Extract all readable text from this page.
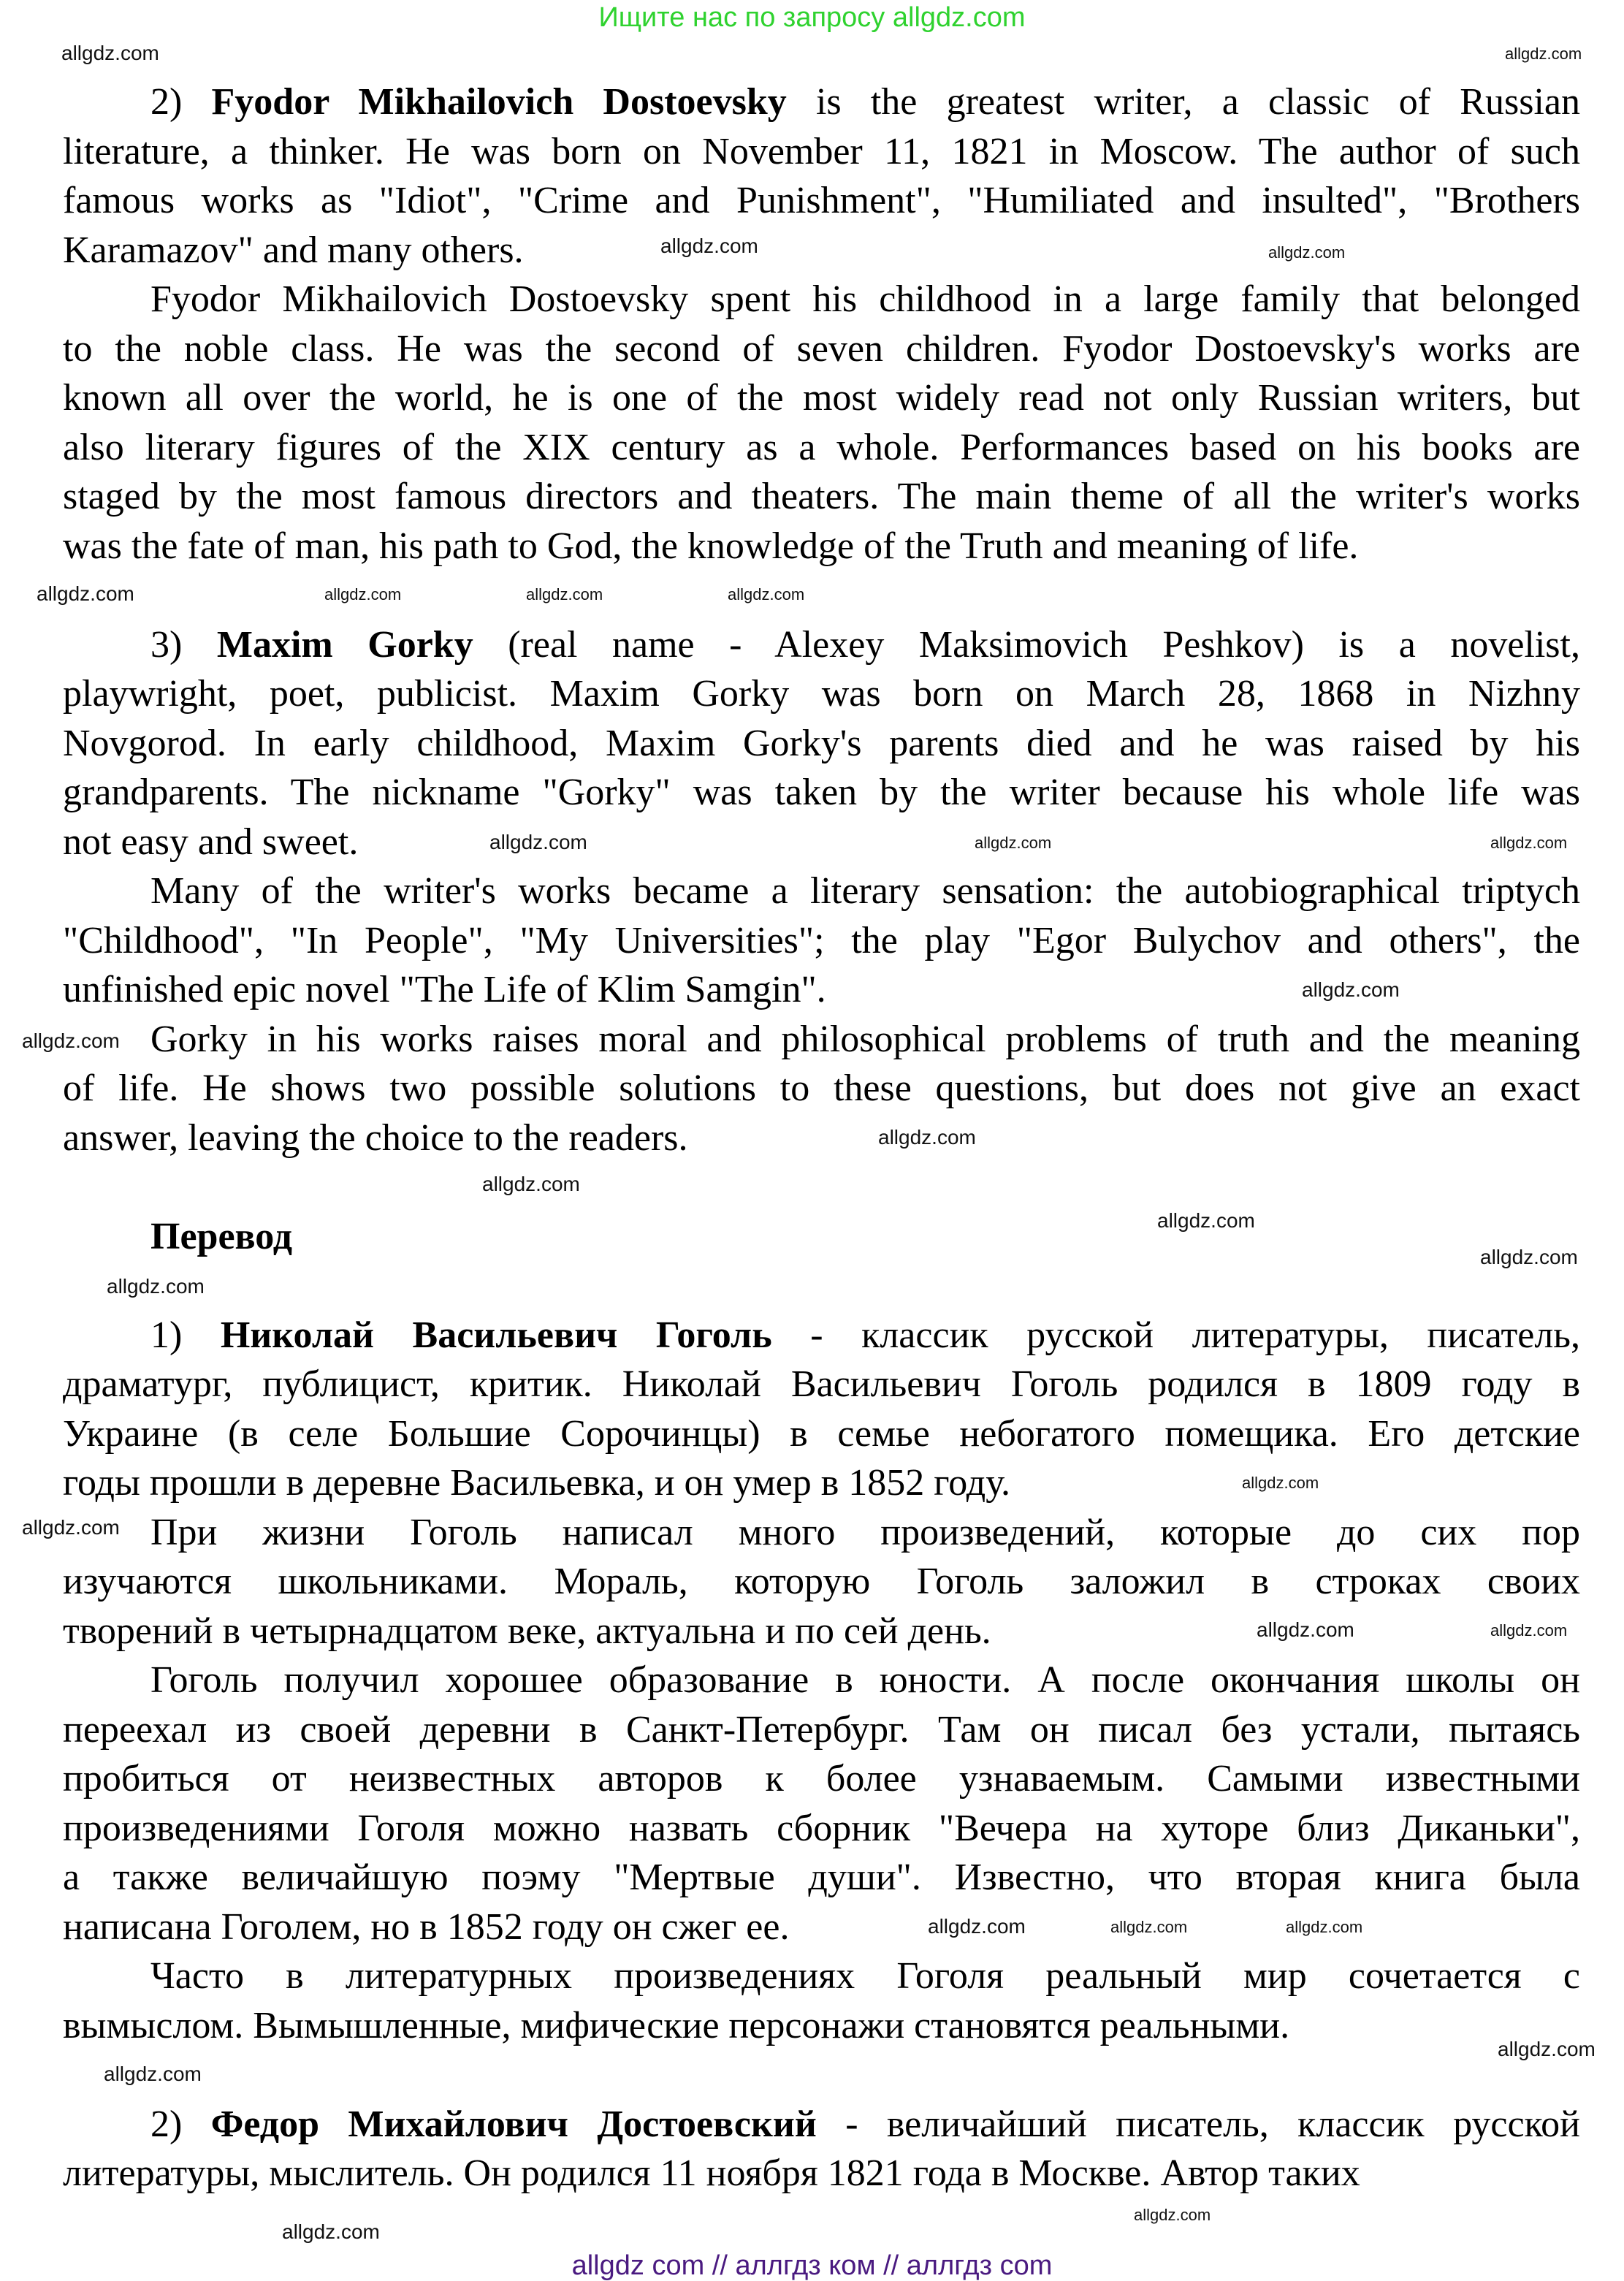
Ищите нас по запросу allgdz.com
2) Fyodor Mikhailovich Dostoevsky is the greatest writer, a classic of Russian
literature, a thinker. He was born on November 11, 1821 in Moscow. The author of such
famous works as "Idiot", "Crime and Punishment", "Humiliated and insulted", "Brothers
Karamazov" and many others.
Fyodor Mikhailovich Dostoevsky spent his childhood in a large family that belonged
to the noble class. He was the second of seven children. Fyodor Dostoevsky's works are
known all over the world, he is one of the most widely read not only Russian writers, but
also literary figures of the XIX century as a whole. Performances based on his books are
staged by the most famous directors and theaters. The main theme of all the writer's works
was the fate of man, his path to God, the knowledge of the Truth and meaning of life.
3) Maxim Gorky (real name - Alexey Maksimovich Peshkov) is a novelist,
playwright, poet, publicist. Maxim Gorky was born on March 28, 1868 in Nizhny
Novgorod. In early childhood, Maxim Gorky's parents died and he was raised by his
grandparents. The nickname "Gorky" was taken by the writer because his whole life was
not easy and sweet.
Many of the writer's works became a literary sensation: the autobiographical triptych
"Childhood", "In People", "My Universities"; the play "Egor Bulychov and others", the
unfinished epic novel "The Life of Klim Samgin".
Gorky in his works raises moral and philosophical problems of truth and the meaning
of life. He shows two possible solutions to these questions, but does not give an exact
answer, leaving the choice to the readers.
Перевод
1) Николай Васильевич Гоголь - классик русской литературы, писатель,
драматург, публицист, критик. Николай Васильевич Гоголь родился в 1809 году в
Украине (в селе Большие Сорочинцы) в семье небогатого помещика. Его детские
годы прошли в деревне Васильевка, и он умер в 1852 году.
При жизни Гоголь написал много произведений, которые до сих пор
изучаются школьниками. Мораль, которую Гоголь заложил в строках своих
творений в четырнадцатом веке, актуальна и по сей день.
Гоголь получил хорошее образование в юности. А после окончания школы он
переехал из своей деревни в Санкт-Петербург. Там он писал без устали, пытаясь
пробиться от неизвестных авторов к более узнаваемым. Самыми известными
произведениями Гоголя можно назвать сборник "Вечера на хуторе близ Диканьки",
а также величайшую поэму "Мертвые души". Известно, что вторая книга была
написана Гоголем, но в 1852 году он сжег ее.
Часто в литературных произведениях Гоголя реальный мир сочетается с
вымыслом. Вымышленные, мифические персонажи становятся реальными.
2) Федор Михайлович Достоевский - величайший писатель, классик русской
литературы, мыслитель. Он родился 11 ноября 1821 года в Москве. Автор таких
allgdz.com	allgdz.com
allgdz.com	allgdz.com
allgdz.com	allgdz.com
allgdz.com
allgdz.com
allgdz.com	allgdz.com
allgdz.com
allgdz.com
allgdz.com
allgdz.com
allgdz.com
allgdz.com
allgdz.com
allgdz.com
allgdz.com
allgdz.com
allgdz.com	allgdz.com
allgdz.com	allgdz.com
allgdz.com
allgdz.com
allgdz.com
allgdz.com
allgdz.com
allgdz com // аллгдз ком // аллгдз com
